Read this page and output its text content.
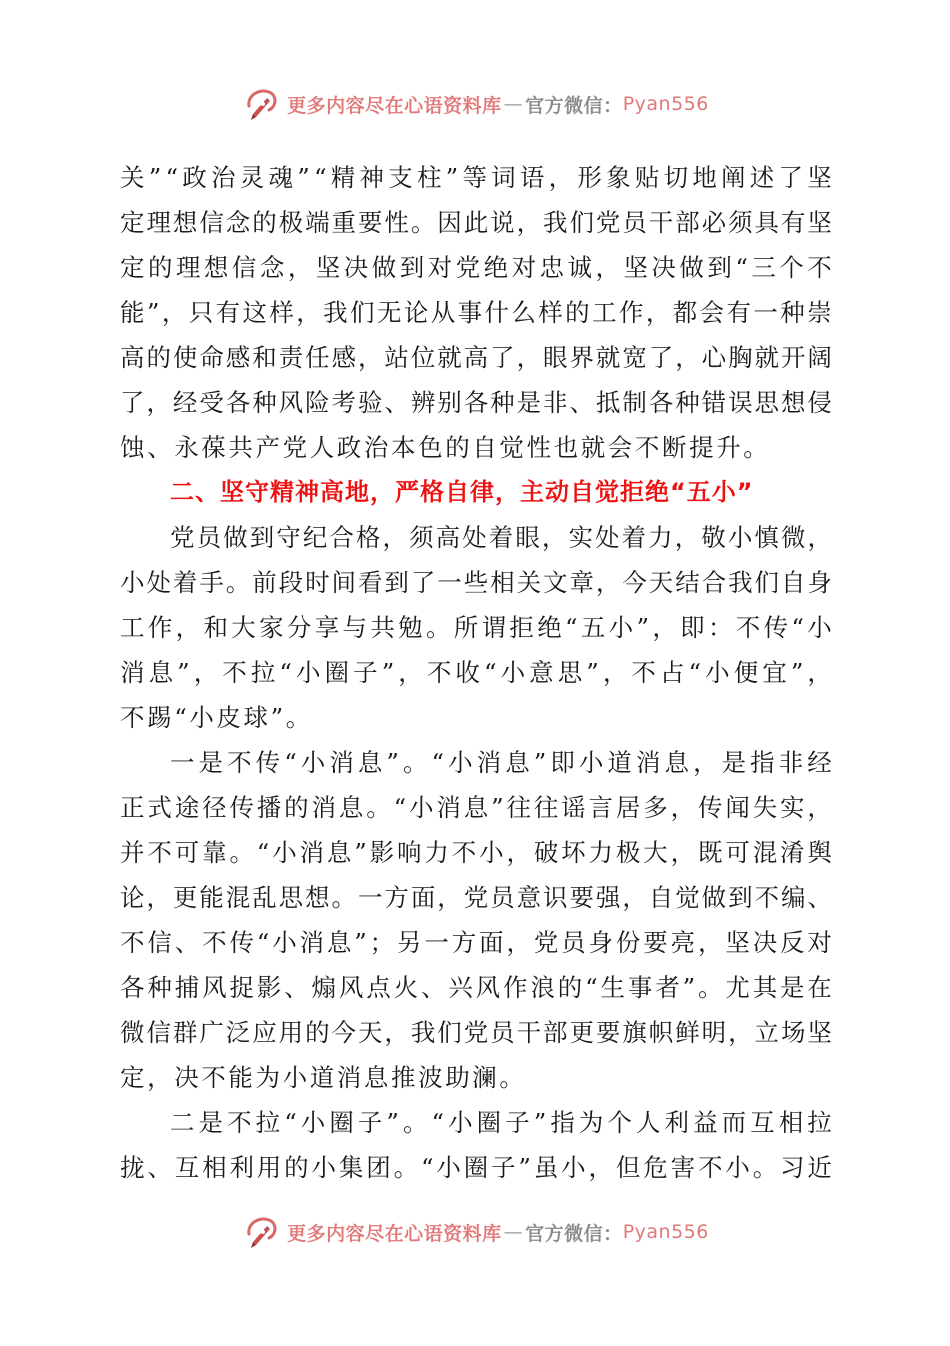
更多内容尽在心语资料库 — 官方微信： Pyan556
关 ” “ 政 治 灵 魂 ” “ 精 神 支 柱 ” 等 词 语 ， 形 象 贴 切 地 阐 述 了 坚
定 理 想 信 念 的 极 端 重 要 性 。 因 此 说 ， 我 们 党 员 干 部 必 须 具 有 坚
定 的 理 想 信 念 ， 坚 决 做 到 对 党 绝 对 忠 诚 ， 坚 决 做 到 “ 三 个 不
能 ” ， 只 有 这 样 ， 我 们 无 论 从 事 什 么 样 的 工 作 ， 都 会 有 一 种 崇
高 的 使 命 感 和 责 任 感 ， 站 位 就 高 了 ， 眼 界 就 宽 了 ， 心 胸 就 开 阔
了 ， 经 受 各 种 风 险 考 验 、 辨 别 各 种 是 非 、 抵 制 各 种 错 误 思 想 侵
蚀、永葆共产党人政治本色的自觉性也就会不断提升。
二、坚守精神高地，严格自律，主动自觉拒绝“五小”
党 员 做 到 守 纪 合 格 ， 须 高 处 着 眼 ， 实 处 着 力 ， 敬 小 慎 微 ，
小 处 着 手 。 前 段 时 间 看 到 了 一 些 相 关 文 章 ， 今 天 结 合 我 们 自 身
工 作 ， 和 大 家 分 享 与 共 勉 。 所 谓 拒 绝 “ 五 小 ” ， 即 ： 不 传 “ 小
消 息 ” ， 不 拉 “ 小 圈 子 ” ， 不 收 “ 小 意 思 ” ， 不 占 “ 小 便 宜 ” ，
不踢“小皮球”。
一 是 不 传 “ 小 消 息 ” 。 “ 小 消 息 ” 即 小 道 消 息 ， 是 指 非 经
正 式 途 径 传 播 的 消 息 。 “ 小 消 息 ” 往 往 谣 言 居 多 ， 传 闻 失 实 ，
并 不 可 靠 。 “ 小 消 息 ” 影 响 力 不 小 ， 破 坏 力 极 大 ， 既 可 混 淆 舆
论 ， 更 能 混 乱 思 想 。 一 方 面 ， 党 员 意 识 要 强 ， 自 觉 做 到 不 编 、
不 信 、 不 传 “ 小 消 息 ” ； 另 一 方 面 ， 党 员 身 份 要 亮 ， 坚 决 反 对
各 种 捕 风 捉 影 、 煽 风 点 火 、 兴 风 作 浪 的 “ 生 事 者 ” 。 尤 其 是 在
微 信 群 广 泛 应 用 的 今 天 ， 我 们 党 员 干 部 更 要 旗 帜 鲜 明 ， 立 场 坚
定，决不能为小道消息推波助澜。
二 是 不 拉 “ 小 圈 子 ” 。 “ 小 圈 子 ” 指 为 个 人 利 益 而 互 相 拉
拢 、 互 相 利 用 的 小 集 团 。 “ 小 圈 子 ” 虽 小 ， 但 危 害 不 小 。 习 近
更多内容尽在心语资料库 — 官方微信： Pyan556
